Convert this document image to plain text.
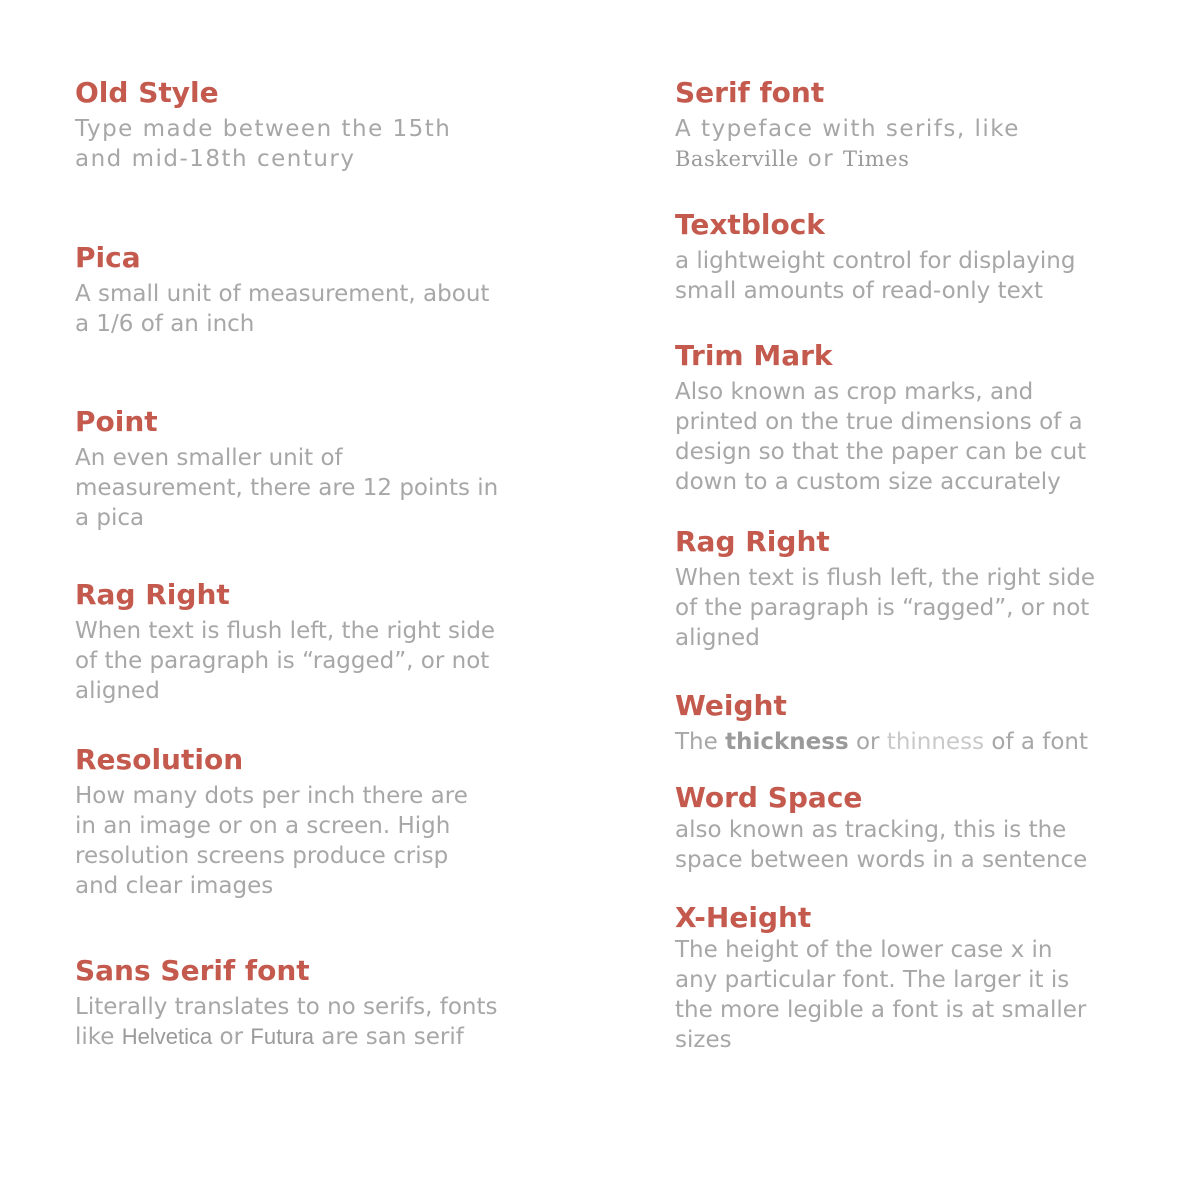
Old Style
Type made between the 15th
and mid-18th century
Pica
A small unit of measurement, about
a 1/6 of an inch
Point
An even smaller unit of
measurement, there are 12 points in
a pica
Rag Right
When text is flush left, the right side
of the paragraph is “ragged”, or not
aligned
Resolution
How many dots per inch there are
in an image or on a screen. High
resolution screens produce crisp
and clear images
Sans Serif font
Literally translates to no serifs, fonts
like Helvetica or Futura are san serif
Serif font
A typeface with serifs, like
Baskerville or Times
Textblock
a lightweight control for displaying
small amounts of read-only text
Trim Mark
Also known as crop marks, and
printed on the true dimensions of a
design so that the paper can be cut
down to a custom size accurately
Rag Right
When text is flush left, the right side
of the paragraph is “ragged”, or not
aligned
Weight
The thickness or thinness of a font
Word Space
also known as tracking, this is the
space between words in a sentence
X-Height
The height of the lower case x in
any particular font. The larger it is
the more legible a font is at smaller
sizes
